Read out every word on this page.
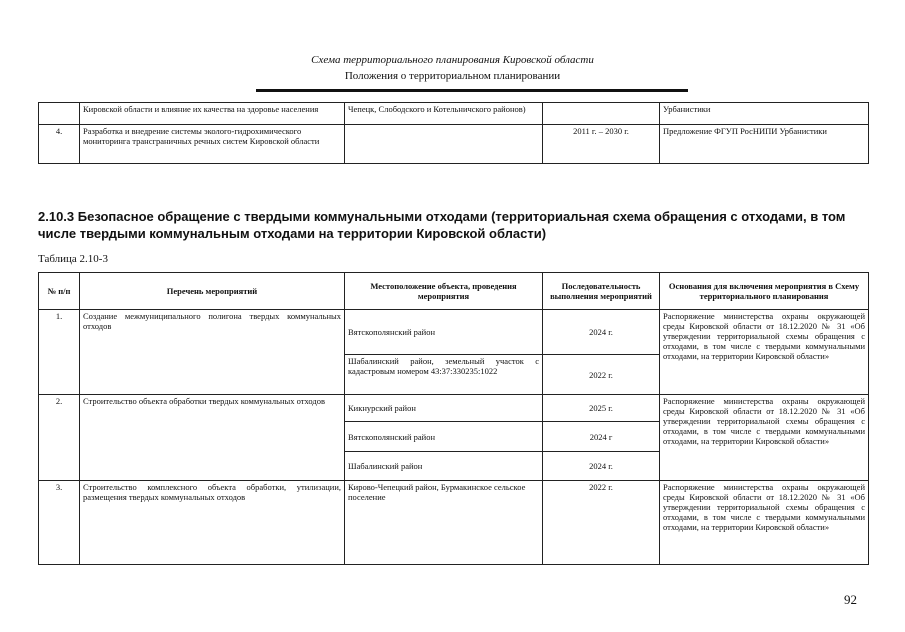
Схема территориального планирования Кировской области
Положения о территориальном планировании
	Кировской области и влияние их качества на здоровье населения	Чепецк, Слободского и Котельничского районов)		Урбанистики
4.	Разработка и внедрение системы эколого-гидрохимического мониторинга трансграничных речных систем Кировской области		2011 г. – 2030 г.	Предложение ФГУП РосНИПИ Урбанистики
2.10.3 Безопасное обращение с твердыми коммунальными отходами (территориальная схема обращения с отходами, в том числе твердыми коммунальным отходами на территории Кировской области)
Таблица 2.10-3
№ п/п	Перечень мероприятий	Местоположение объекта, проведения мероприятия	Последовательность выполнения мероприятий	Основания для включения мероприятия в Схему территориального планирования
1.	Создание межмуниципального полигона твердых коммунальных отходов	Вятскополянский район	2024 г.	Распоряжение министерства охраны окружающей среды Кировской области от 18.12.2020 № 31 «Об утверждении территориальной схемы обращения с отходами, в том числе с твердыми коммунальными отходами, на территории Кировской области»
		Шабалинский район, земельный участок с кадастровым номером 43:37:330235:1022	2022 г.	
2.	Строительство объекта обработки твердых коммунальных отходов	Кикнурский район	2025 г.	Распоряжение министерства охраны окружающей среды Кировской области от 18.12.2020 № 31 «Об утверждении территориальной схемы обращения с отходами, в том числе с твердыми коммунальными отходами, на территории Кировской области»
		Вятскополянский район	2024 г	
		Шабалинский район	2024 г.	
3.	Строительство комплексного объекта обработки, утилизации, размещения твердых коммунальных отходов	Кирово-Чепецкий район, Бурмакинское сельское поселение	2022 г.	Распоряжение министерства охраны окружающей среды Кировской области от 18.12.2020 № 31 «Об утверждении территориальной схемы обращения с отходами, в том числе с твердыми коммунальными отходами, на территории Кировской области»
92
